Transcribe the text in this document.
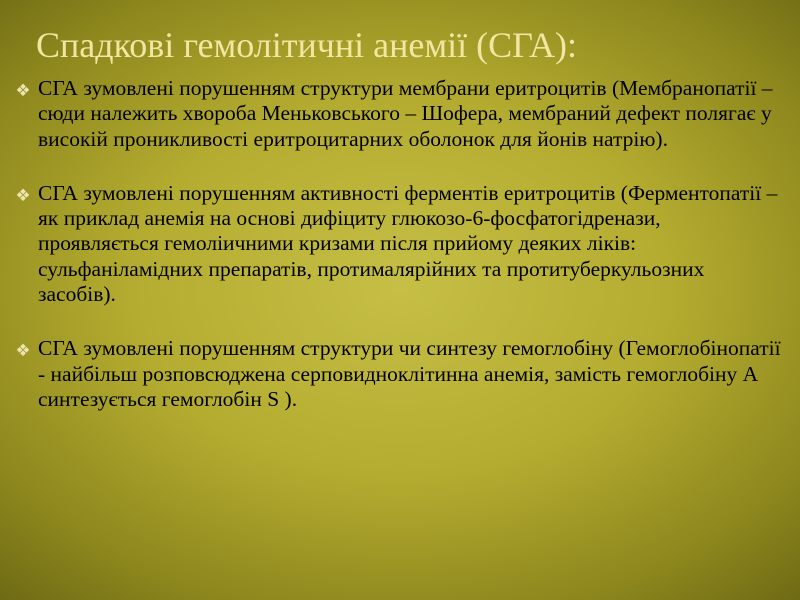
Спадкові гемолітичні анемії (СГА):
❖ СГА зумовлені порушенням структури мембрани еритроцитів (Мембранопатії – сюди належить хвороба Меньковського – Шофера, мембраний дефект полягає у високій проникливості еритроцитарних оболонок для йонів натрію).
❖ СГА зумовлені порушенням активності ферментів еритроцитів (Ферментопатії – як приклад анемія на основі дифіциту глюкозо-6-фосфатогідренази, проявляється гемоліичними кризами після прийому деяких ліків: сульфаніламідних препаратів, протималярійних та протитуберкульозних засобів).
❖ СГА зумовлені порушенням структури чи синтезу гемоглобіну (Гемоглобінопатії - найбільш розповсюджена серповидноклітинна анемія, замість гемоглобіну А синтезується гемоглобін S ).
